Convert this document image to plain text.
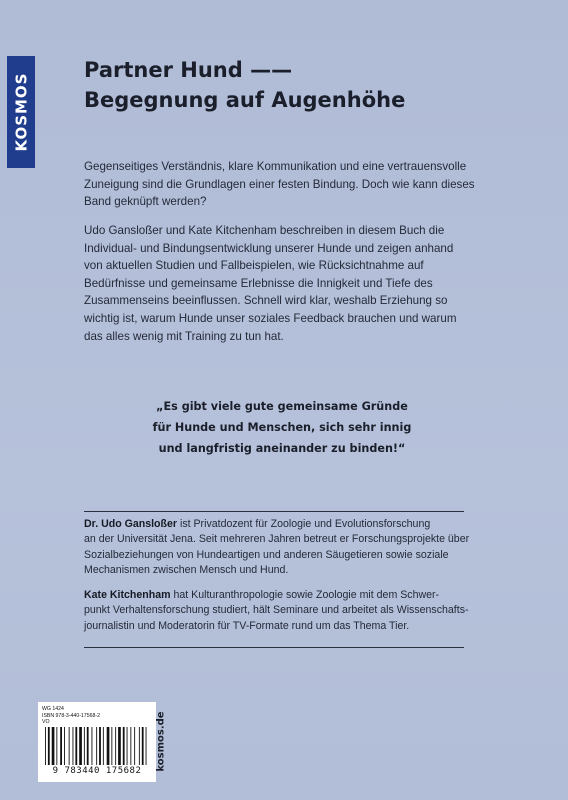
KOSMOS
Partner Hund ——
Begegnung auf Augenhöhe
Gegenseitiges Verständnis, klare Kommunikation und eine vertrauensvolle
Zuneigung sind die Grundlagen einer festen Bindung. Doch wie kann dieses
Band geknüpft werden?
Udo Gansloßer und Kate Kitchenham beschreiben in diesem Buch die
Individual- und Bindungsentwicklung unserer Hunde und zeigen anhand
von aktuellen Studien und Fallbeispielen, wie Rücksichtnahme auf
Bedürfnisse und gemeinsame Erlebnisse die Innigkeit und Tiefe des
Zusammenseins beeinflussen. Schnell wird klar, weshalb Erziehung so
wichtig ist, warum Hunde unser soziales Feedback brauchen und warum
das alles wenig mit Training zu tun hat.
„Es gibt viele gute gemeinsame Gründe
für Hunde und Menschen, sich sehr innig
und langfristig aneinander zu binden!“
Dr. Udo Gansloßer ist Privatdozent für Zoologie und Evolutionsforschung
an der Universität Jena. Seit mehreren Jahren betreut er Forschungsprojekte über
Sozialbeziehungen von Hundeartigen und anderen Säugetieren sowie soziale
Mechanismen zwischen Mensch und Hund.
Kate Kitchenham hat Kulturanthropologie sowie Zoologie mit dem Schwer-
punkt Verhaltensforschung studiert, hält Seminare und arbeitet als Wissenschafts-
journalistin und Moderatorin für TV-Formate rund um das Thema Tier.
WG 1424
ISBN 978-3-440-17568-2
VO
9 783440 175682	kosmos.de
